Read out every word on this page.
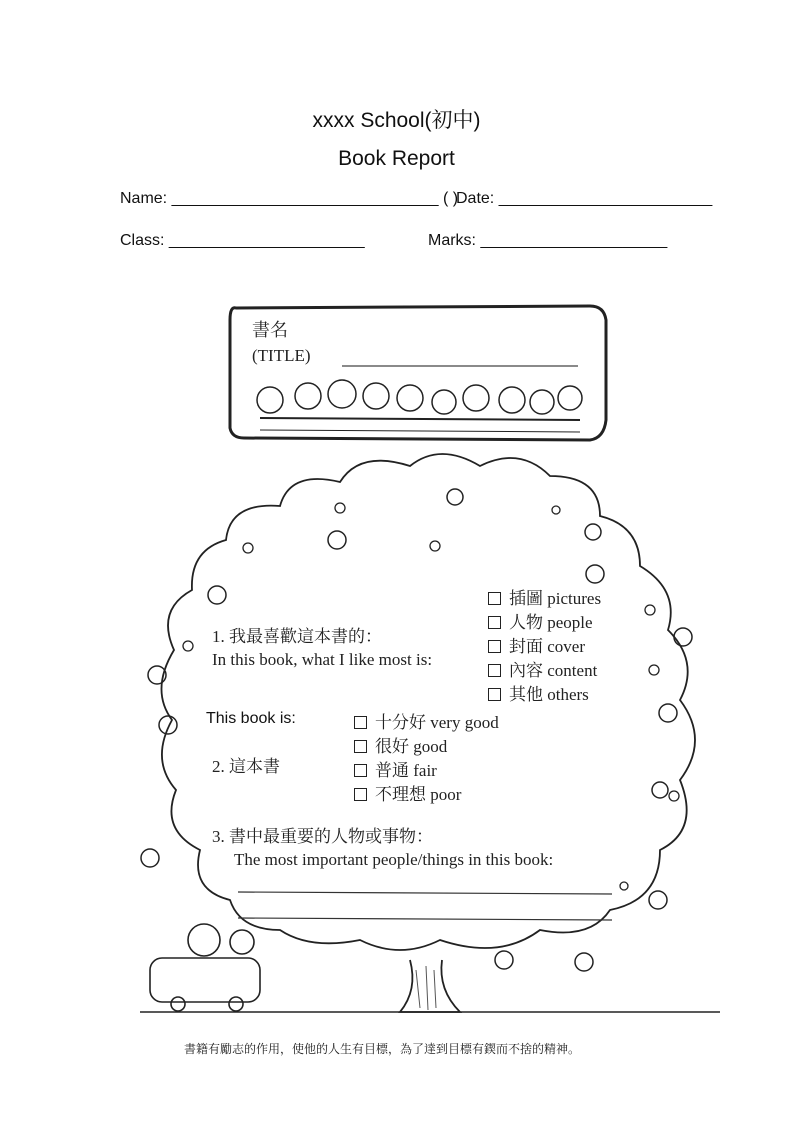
xxxx School(初中)
Book Report
Name: ______________________________ ( )
Date: ________________________
Class: ______________________	Marks: _____________________
書名
(TITLE)
1. 我最喜歡這本書的：
In this book, what I like most is:
插圖 pictures
人物 people
封面 cover
內容 content
其他 others
This book is:
2. 這本書
十分好 very good
很好 good
普通 fair
不理想 poor
3. 書中最重要的人物或事物：
The most important people/things in this book:
書籍有勵志的作用，使他的人生有目標，為了達到目標有鍥而不捨的精神。
